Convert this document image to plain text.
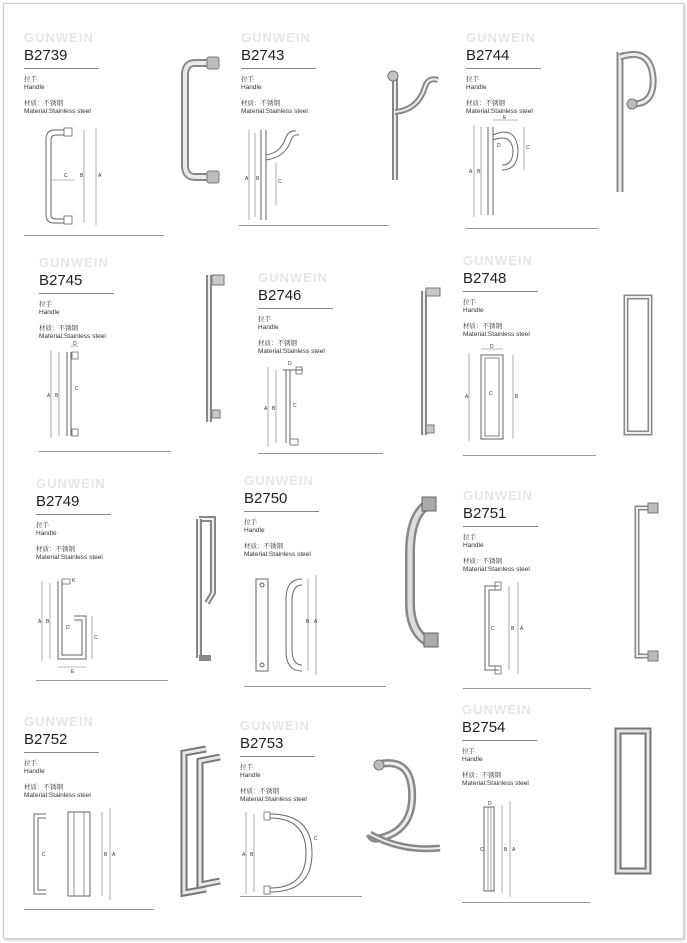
GUNWEIN
B2739
拉手
Handle
材质：不锈钢
Material:Stainless steel
C B	A
GUNWEIN
B2743
拉手
Handle
材质：不锈钢
Material:Stainless steel
A B	C
GUNWEIN
B2744
拉手
Handle
材质：不锈钢
Material:Stainless steel
A B
C
E
D
GUNWEIN
B2745
拉手
Handle
材质：不锈钢
Material:Stainless steel
A B
C
D
GUNWEIN
B2746
拉手
Handle
材质：不锈钢
Material:Stainless steel
A B	C
D
GUNWEIN
B2748
拉手
Handle
材质：不锈钢
Material:Stainless steel
A	B
C
D
GUNWEIN
B2749
拉手
Handle
材质：不锈钢
Material:Stainless steel
A B
C
D
E
K
GUNWEIN
B2750
拉手
Handle
材质：不锈钢
Material:Stainless steel
B A
GUNWEIN
B2751
拉手
Handle
材质：不锈钢
Material:Stainless steel
C	B A
GUNWEIN
B2752
拉手
Handle
材质：不锈钢
Material:Stainless steel
C	B A
GUNWEIN
B2753
拉手
Handle
材质：不锈钢
Material:Stainless steel
A B
C
GUNWEIN
B2754
拉手
Handle
材质：不锈钢
Material:Stainless steel
C	B A
D
